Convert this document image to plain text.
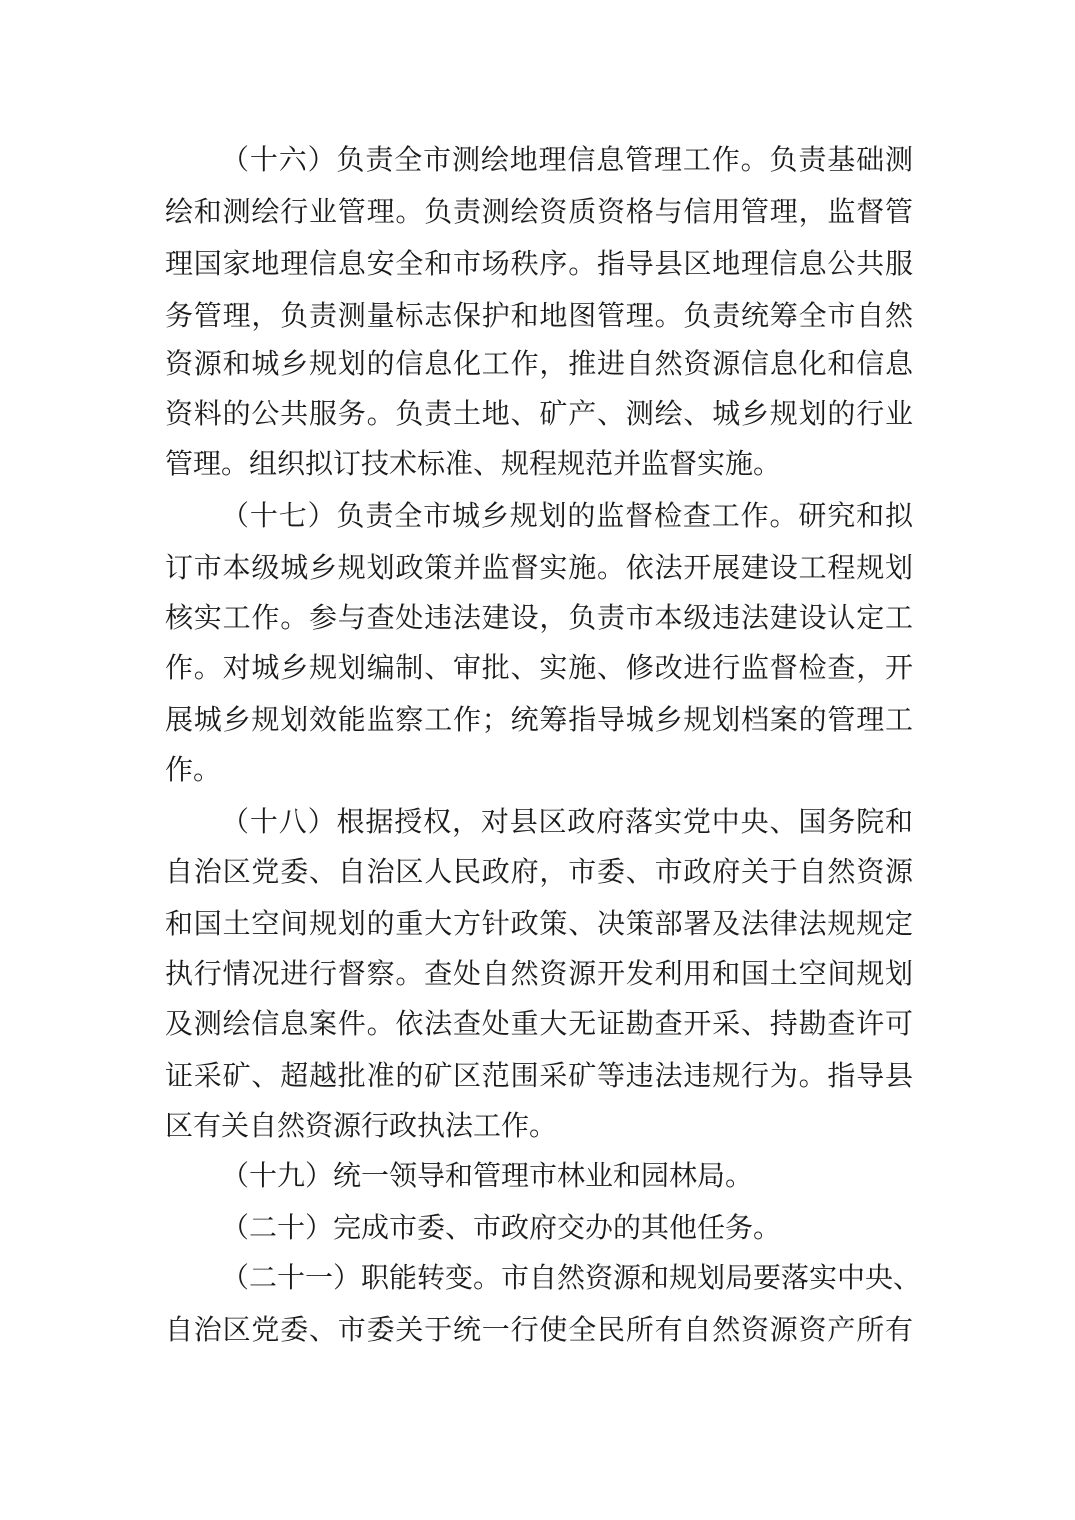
（十六）负责全市测绘地理信息管理工作。负责基础测

绘和测绘行业管理。负责测绘资质资格与信用管理，监督管

理国家地理信息安全和市场秩序。指导县区地理信息公共服

务管理，负责测量标志保护和地图管理。负责统筹全市自然

资源和城乡规划的信息化工作，推进自然资源信息化和信息

资料的公共服务。负责土地、矿产、测绘、城乡规划的行业

管理。组织拟订技术标准、规程规范并监督实施。

（十七）负责全市城乡规划的监督检查工作。研究和拟

订市本级城乡规划政策并监督实施。依法开展建设工程规划

核实工作。参与查处违法建设，负责市本级违法建设认定工

作。对城乡规划编制、审批、实施、修改进行监督检查，开

展城乡规划效能监察工作；统筹指导城乡规划档案的管理工

作。

（十八）根据授权，对县区政府落实党中央、国务院和

自治区党委、自治区人民政府，市委、市政府关于自然资源

和国土空间规划的重大方针政策、决策部署及法律法规规定

执行情况进行督察。查处自然资源开发利用和国土空间规划

及测绘信息案件。依法查处重大无证勘查开采、持勘查许可

证采矿、超越批准的矿区范围采矿等违法违规行为。指导县

区有关自然资源行政执法工作。

（十九）统一领导和管理市林业和园林局。

（二十）完成市委、市政府交办的其他任务。

（二十一）职能转变。市自然资源和规划局要落实中央、

自治区党委、市委关于统一行使全民所有自然资源资产所有
